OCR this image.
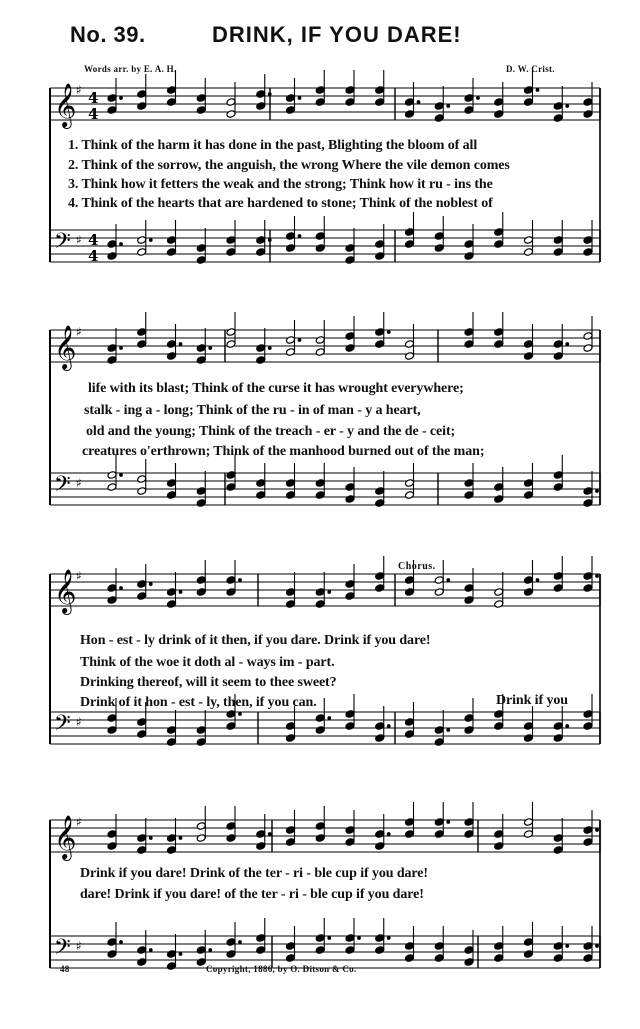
No. 39.	DRINK, IF YOU DARE!
Words arr. by E. A. H.	D. W. Crist.
𝄞 ♯ 4
4
𝄢 ♯ 4
4
𝄞 ♯
𝄢 ♯
𝄞 ♯
𝄢 ♯
𝄞 ♯
𝄢 ♯
1. Think of the harm it has done in the past, Blighting the bloom of all
2. Think of the sorrow, the anguish, the wrong Where the vile demon comes
3. Think how it fetters the weak and the strong; Think how it ru - ins the
4. Think of the hearts that are hardened to stone; Think of the noblest of
life with its blast; Think of the curse it has wrought everywhere;
stalk - ing a - long; Think of the ru - in of man - y a heart,
old and the young; Think of the treach - er - y and the de - ceit;
creatures o'erthrown; Think of the manhood burned out of the man;
Chorus.
Hon - est - ly drink of it then, if you dare. Drink if you dare!
Think of the woe it doth al - ways im - part.
Drinking thereof, will it seem to thee sweet?
Drink of it hon - est - ly, then, if you can.	Drink if you
Drink if you dare! Drink of the ter - ri - ble cup if you dare!
dare! Drink if you dare! of the ter - ri - ble cup if you dare!
48	Copyright, 1886, by O. Ditson & Co.
